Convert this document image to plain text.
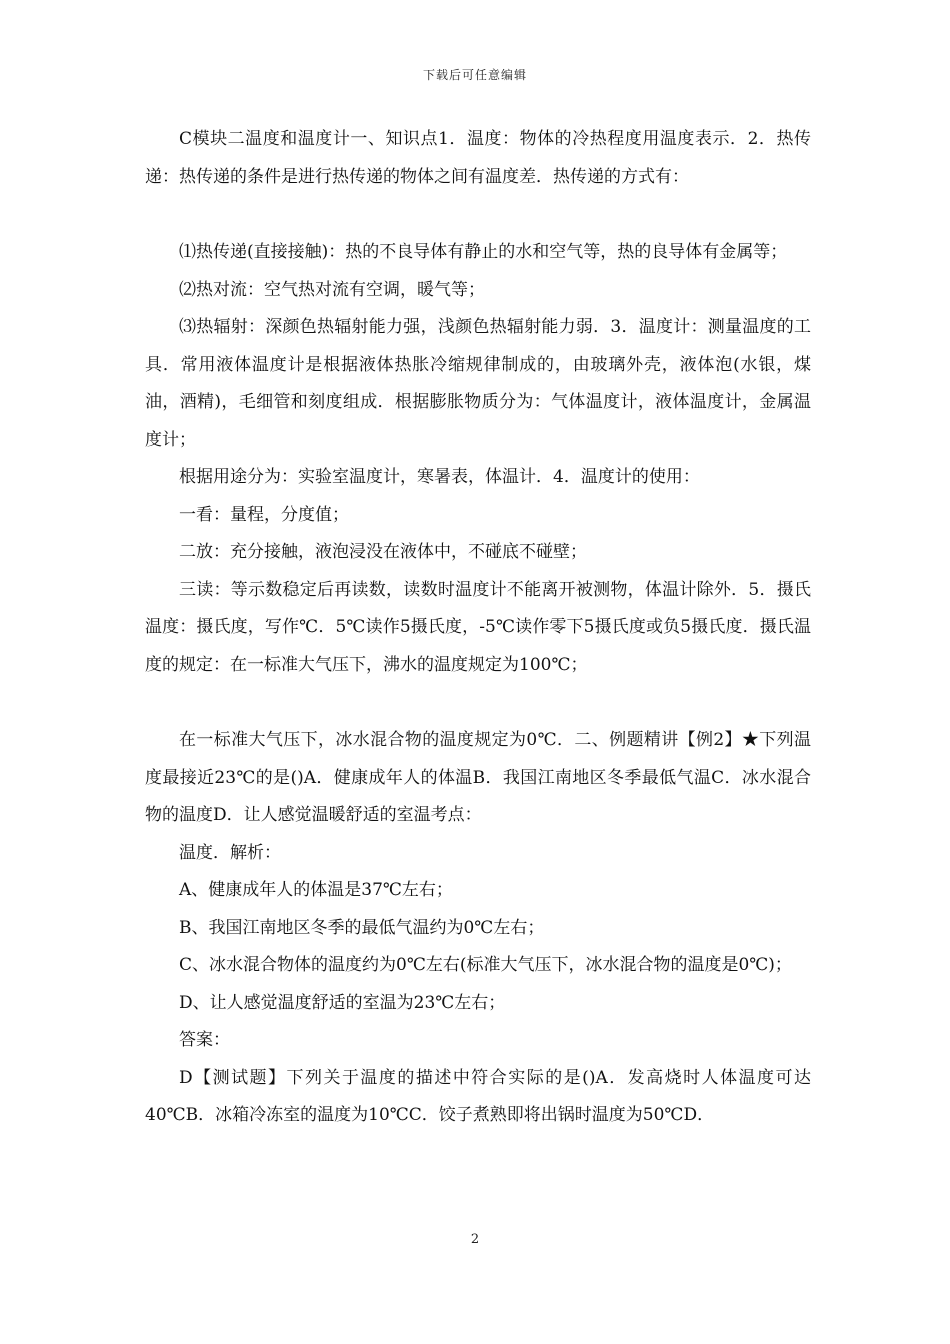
下载后可任意编辑

C模块二温度和温度计一、知识点1．温度：物体的冷热程度用温度表示．2．热传递：热传递的条件是进行热传递的物体之间有温度差．热传递的方式有：

⑴热传递(直接接触)：热的不良导体有静止的水和空气等，热的良导体有金属等；

⑵热对流：空气热对流有空调，暖气等；

⑶热辐射：深颜色热辐射能力强，浅颜色热辐射能力弱．3．温度计：测量温度的工具．常用液体温度计是根据液体热胀冷缩规律制成的，由玻璃外壳，液体泡(水银，煤油，酒精)，毛细管和刻度组成．根据膨胀物质分为：气体温度计，液体温度计，金属温度计；

根据用途分为：实验室温度计，寒暑表，体温计．4．温度计的使用：

一看：量程，分度值；

二放：充分接触，液泡浸没在液体中，不碰底不碰壁；

三读：等示数稳定后再读数，读数时温度计不能离开被测物，体温计除外．5．摄氏温度：摄氏度，写作℃．5℃读作5摄氏度，-5℃读作零下5摄氏度或负5摄氏度．摄氏温度的规定：在一标准大气压下，沸水的温度规定为100℃；

在一标准大气压下，冰水混合物的温度规定为0℃．二、例题精讲【例2】★下列温度最接近23℃的是()A．健康成年人的体温B．我国江南地区冬季最低气温C．冰水混合物的温度D．让人感觉温暖舒适的室温考点：

温度．解析：

A、健康成年人的体温是37℃左右；

B、我国江南地区冬季的最低气温约为0℃左右；

C、冰水混合物体的温度约为0℃左右(标准大气压下，冰水混合物的温度是0℃)；

D、让人感觉温度舒适的室温为23℃左右；

答案：

D【测试题】下列关于温度的描述中符合实际的是()A．发高烧时人体温度可达40℃B．冰箱冷冻室的温度为10℃C．饺子煮熟即将出锅时温度为50℃D．

2
